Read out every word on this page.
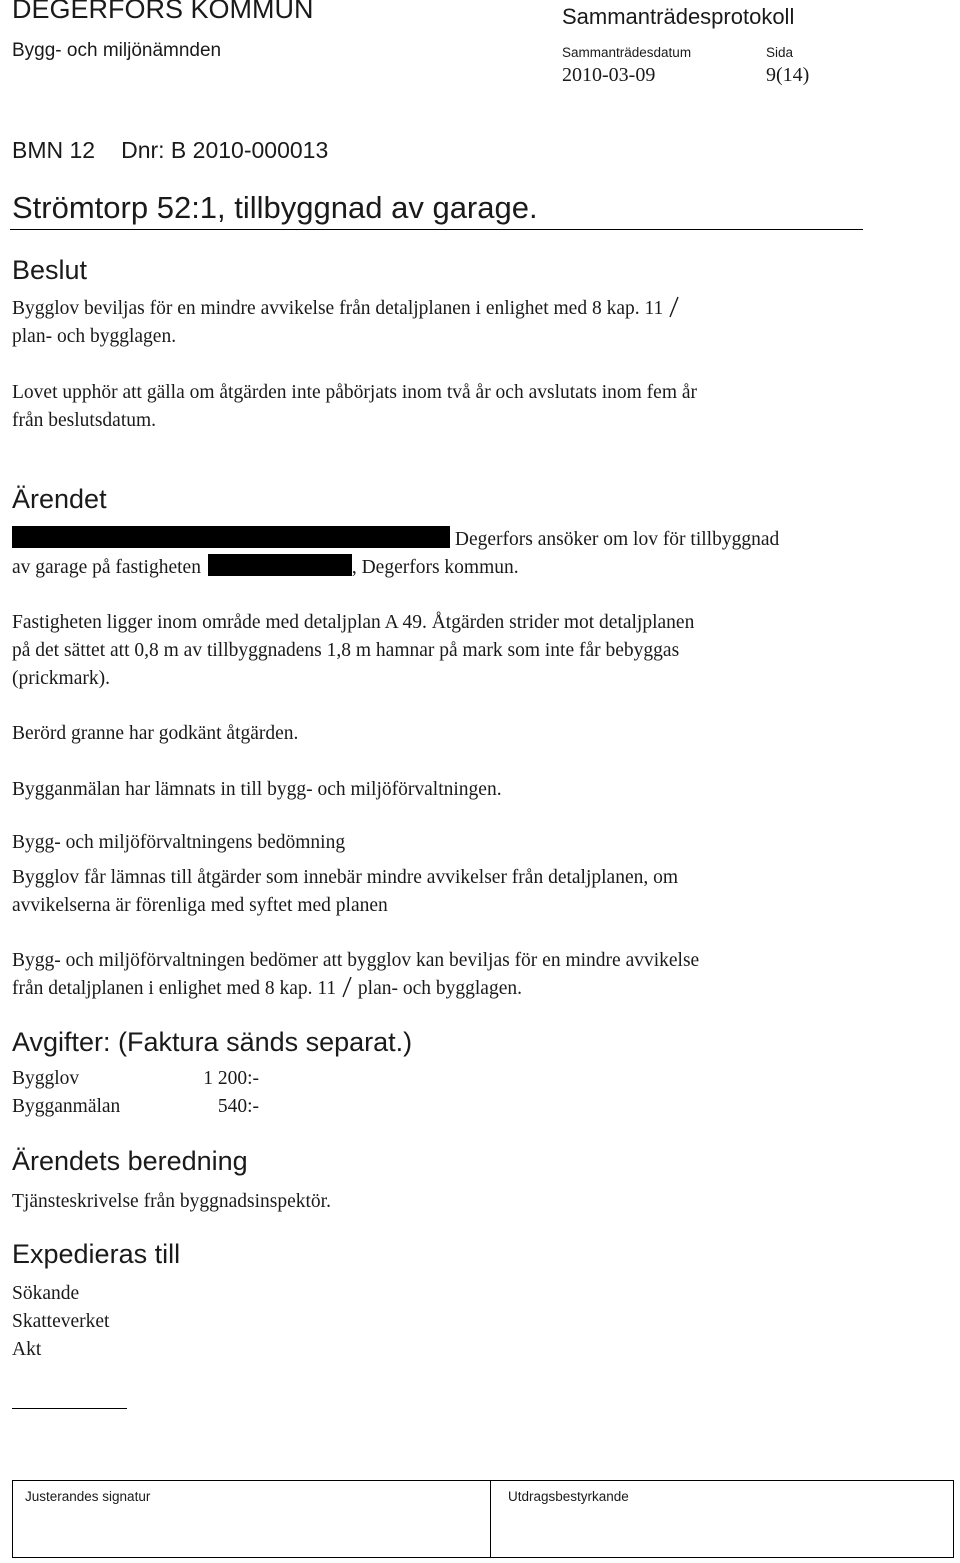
DEGERFORS KOMMUN
Bygg- och miljönämnden
Sammanträdesprotokoll
Sammanträdesdatum	Sida
2010-03-09	9(14)
BMN 12 Dnr: B 2010-000013
Strömtorp 52:1, tillbyggnad av garage.
Beslut
Bygglov beviljas för en mindre avvikelse från detaljplanen i enlighet med 8 kap. 11
plan- och bygglagen.
Lovet upphör att gälla om åtgärden inte påbörjats inom två år och avslutats inom fem år
från beslutsdatum.
Ärendet
Degerfors ansöker om lov för tillbyggnad
av garage på fastigheten	, Degerfors kommun.
Fastigheten ligger inom område med detaljplan A 49. Åtgärden strider mot detaljplanen
på det sättet att 0,8 m av tillbyggnadens 1,8 m hamnar på mark som inte får bebyggas
(prickmark).
Berörd granne har godkänt åtgärden.
Bygganmälan har lämnats in till bygg- och miljöförvaltningen.
Bygg- och miljöförvaltningens bedömning
Bygglov får lämnas till åtgärder som innebär mindre avvikelser från detaljplanen, om
avvikelserna är förenliga med syftet med planen
Bygg- och miljöförvaltningen bedömer att bygglov kan beviljas för en mindre avvikelse
från detaljplanen i enlighet med 8 kap. 11  plan- och bygglagen.
Avgifter: (Faktura sänds separat.)
Bygglov	1 200:-
Bygganmälan	540:-
Ärendets beredning
Tjänsteskrivelse från byggnadsinspektör.
Expedieras till
Sökande
Skatteverket
Akt
Justerandes signatur	Utdragsbestyrkande
